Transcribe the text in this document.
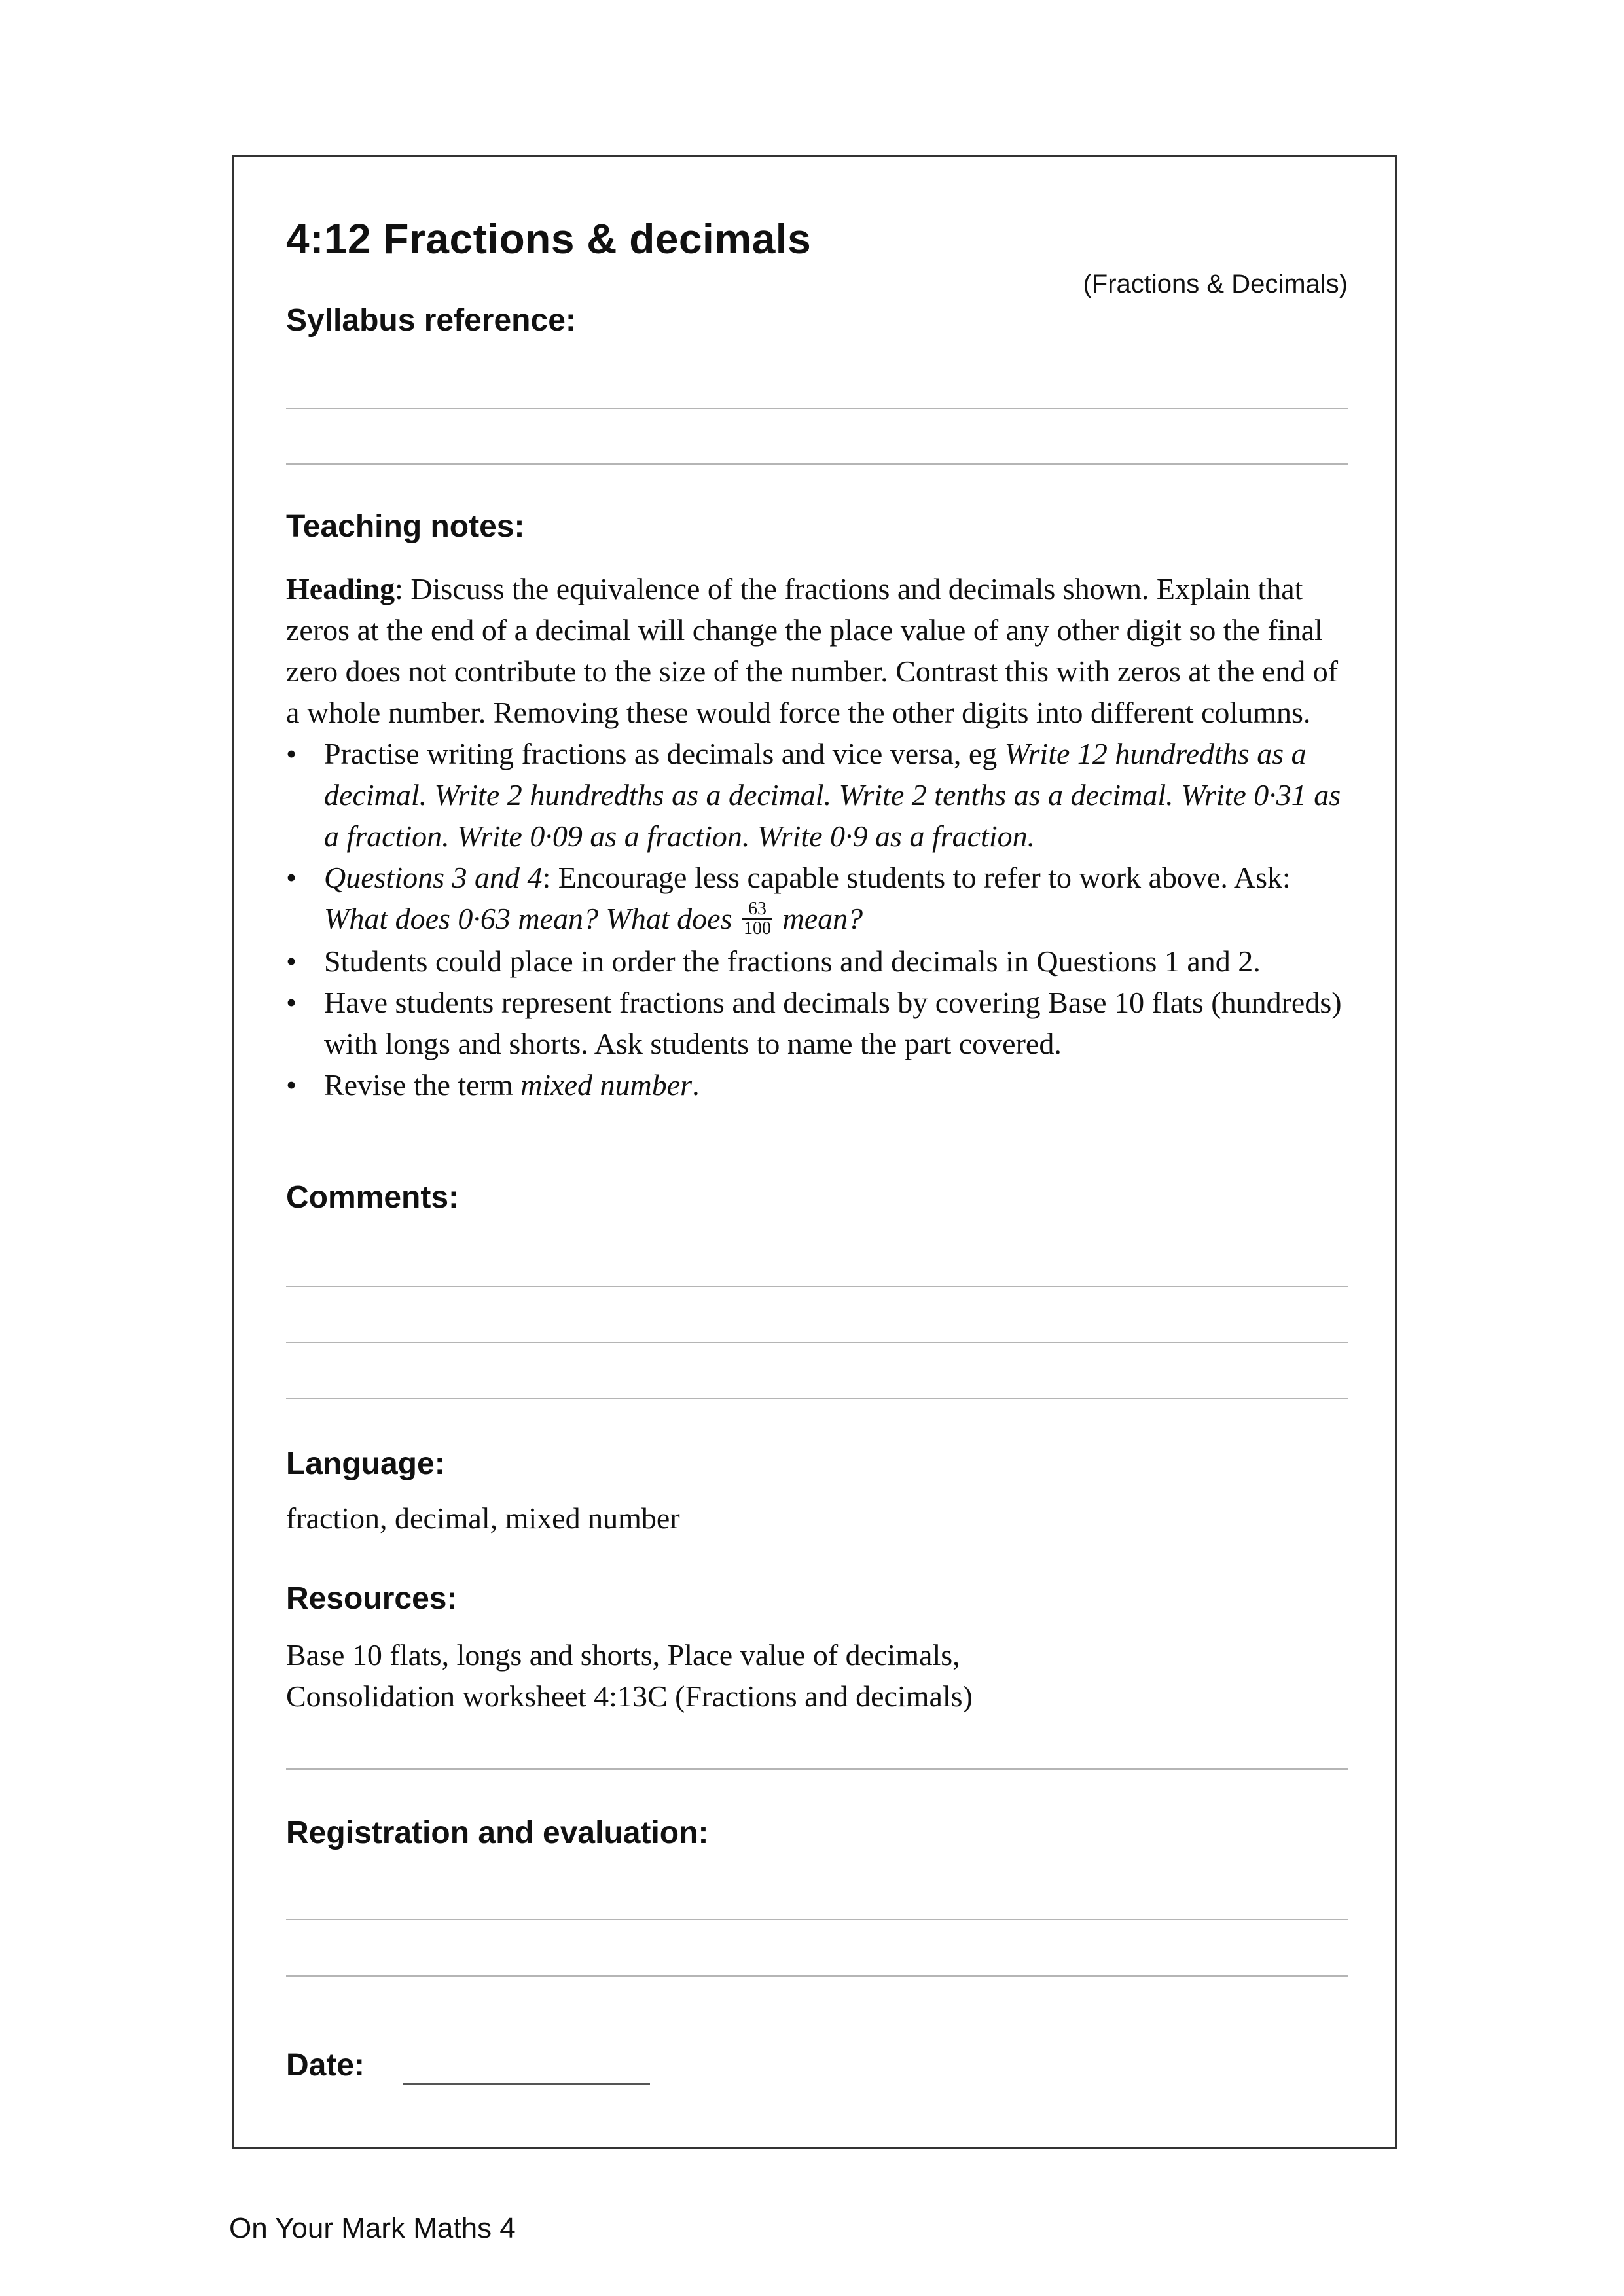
4:12 Fractions & decimals
(Fractions & Decimals)
Syllabus reference:
Teaching notes:

Heading: Discuss the equivalence of the fractions and decimals shown. Explain that zeros at the end of a decimal will change the place value of any other digit so the final zero does not contribute to the size of the number. Contrast this with zeros at the end of a whole number. Removing these would force the other digits into different columns.

• Practise writing fractions as decimals and vice versa, eg Write 12 hundredths as a decimal. Write 2 hundredths as a decimal. Write 2 tenths as a decimal. Write 0·31 as a fraction. Write 0·09 as a fraction. Write 0·9 as a fraction.
• Questions 3 and 4: Encourage less capable students to refer to work above. Ask: What does 0·63 mean? What does $\frac{63}{100}$ mean?
• Students could place in order the fractions and decimals in Questions 1 and 2.
• Have students represent fractions and decimals by covering Base 10 flats (hundreds) with longs and shorts. Ask students to name the part covered.
• Revise the term mixed number.
Comments:
Language:
fraction, decimal, mixed number
Resources:
Base 10 flats, longs and shorts, Place value of decimals,
Consolidation worksheet 4:13C (Fractions and decimals)
Registration and evaluation:
Date:
On Your Mark Maths 4
